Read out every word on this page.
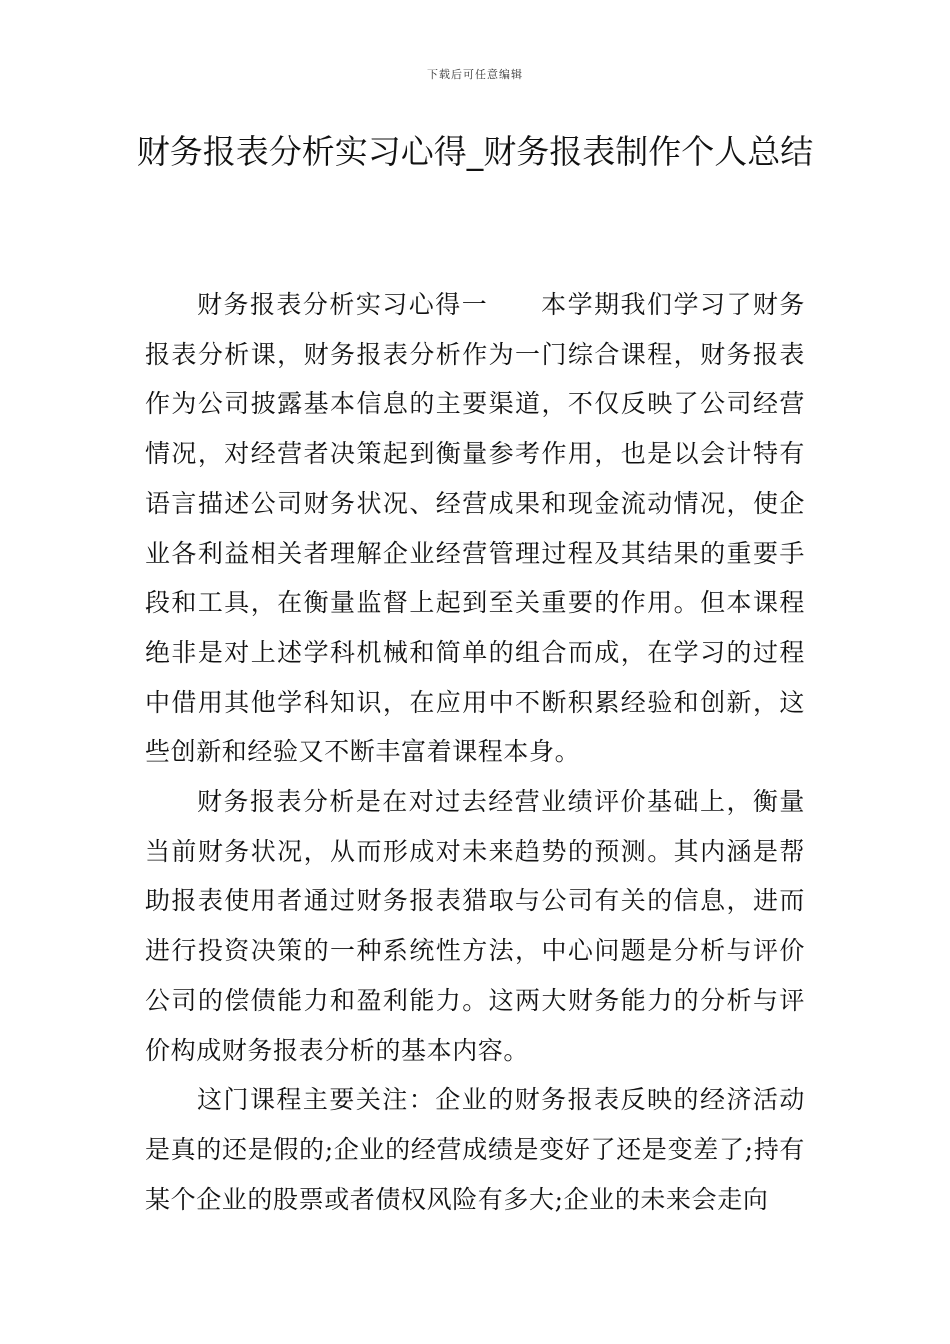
下载后可任意编辑
财务报表分析实习心得_财务报表制作个人总结

财务报表分析实习心得一　　本学期我们学习了财务报表分析课，财务报表分析作为一门综合课程，财务报表作为公司披露基本信息的主要渠道，不仅反映了公司经营情况，对经营者决策起到衡量参考作用，也是以会计特有语言描述公司财务状况、经营成果和现金流动情况，使企业各利益相关者理解企业经营管理过程及其结果的重要手段和工具，在衡量监督上起到至关重要的作用。但本课程绝非是对上述学科机械和简单的组合而成，在学习的过程中借用其他学科知识，在应用中不断积累经验和创新，这些创新和经验又不断丰富着课程本身。

财务报表分析是在对过去经营业绩评价基础上，衡量当前财务状况，从而形成对未来趋势的预测。其内涵是帮助报表使用者通过财务报表猎取与公司有关的信息，进而进行投资决策的一种系统性方法，中心问题是分析与评价公司的偿债能力和盈利能力。这两大财务能力的分析与评价构成财务报表分析的基本内容。

这门课程主要关注：企业的财务报表反映的经济活动是真的还是假的;企业的经营成绩是变好了还是变差了;持有某个企业的股票或者债权风险有多大;企业的未来会走向
